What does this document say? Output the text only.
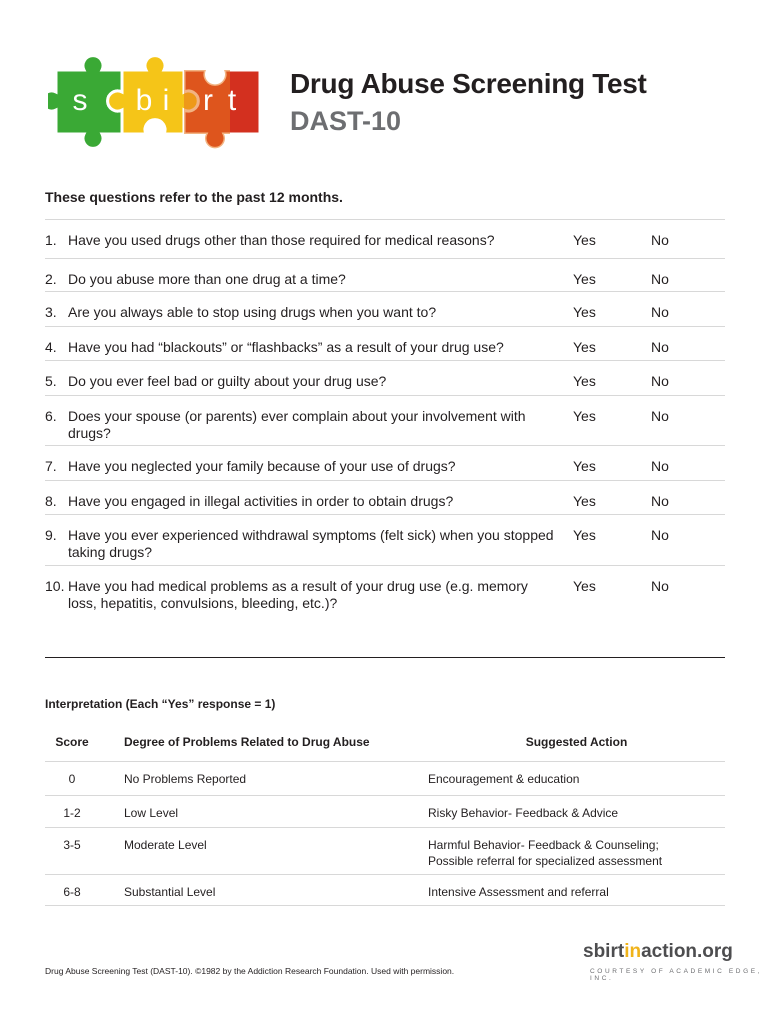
s b i r t
Drug Abuse Screening Test
DAST-10
These questions refer to the past 12 months.
1. Have you used drugs other than those required for medical reasons?	Yes	No
2. Do you abuse more than one drug at a time?	Yes	No
3. Are you always able to stop using drugs when you want to?	Yes	No
4. Have you had “blackouts” or “flashbacks” as a result of your drug use?	Yes	No
5. Do you ever feel bad or guilty about your drug use?	Yes	No
6. Does your spouse (or parents) ever complain about your involvement with drugs?
Yes	No
7. Have you neglected your family because of your use of drugs?	Yes	No
8. Have you engaged in illegal activities in order to obtain drugs?	Yes	No
9. Have you ever experienced withdrawal symptoms (felt sick) when you stopped taking drugs?
Yes	No
10. Have you had medical problems as a result of your drug use (e.g. memory loss, hepatitis, convulsions, bleeding, etc.)?
Yes	No
Interpretation (Each “Yes” response = 1)
Score	Degree of Problems Related to Drug Abuse	Suggested Action
0	No Problems Reported	Encouragement & education
1-2	Low Level	Risky Behavior- Feedback & Advice
3-5	Moderate Level	Harmful Behavior- Feedback & Counseling;
Possible referral for specialized assessment
6-8	Substantial Level	Intensive Assessment and referral
Drug Abuse Screening Test (DAST-10). ©1982 by the Addiction Research Foundation. Used with permission.
sbirtinaction.org
COURTESY OF ACADEMIC EDGE, INC.
